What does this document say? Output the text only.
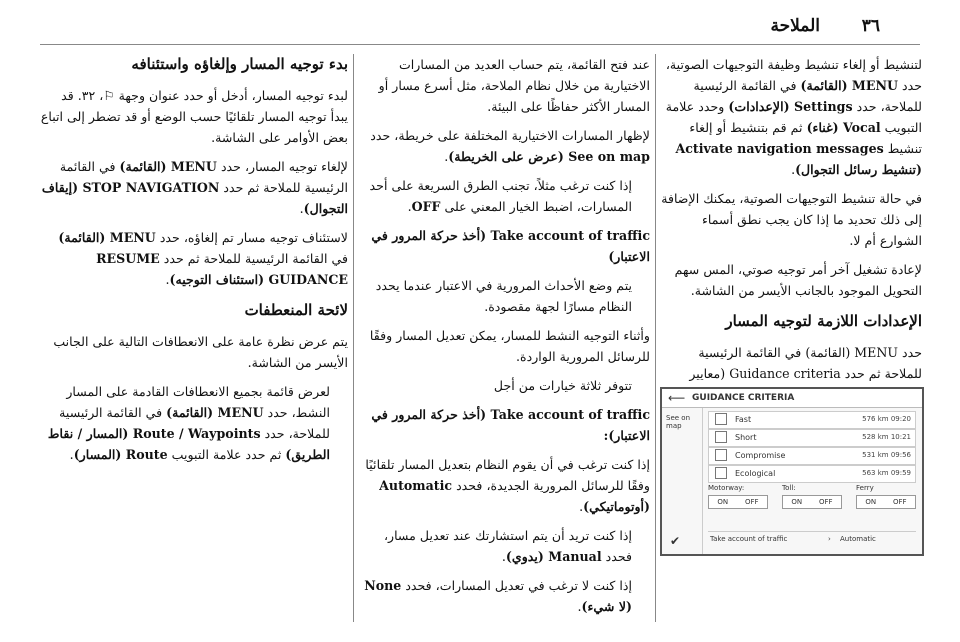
٣٦
الملاحة

لتنشيط أو إلغاء تنشيط وظيفة التوجيهات الصوتية، حدد MENU (القائمة) في القائمة الرئيسية للملاحة، حدد Settings (الإعدادات) وحدد علامة التبويب Vocal (غناء) ثم قم بتنشيط أو إلغاء تنشيط Activate navigation messages (تنشيط رسائل التجوال).

في حالة تنشيط التوجيهات الصوتية، يمكنك الإضافة إلى ذلك تحديد ما إذا كان يجب نطق أسماء الشوارع أم لا.

لإعادة تشغيل آخر أمر توجيه صوتي، المس سهم التحويل الموجود بالجانب الأيسر من الشاشة.

الإعدادات اللازمة لتوجيه المسار

حدد MENU (القائمة) في القائمة الرئيسية للملاحة ثم حدد Guidance criteria (معايير

⟵ GUIDANCE CRITERIA
See on map
Fast	576 km 09:20
Short	528 km 10:21
Compromise	531 km 09:56
Ecological	563 km 09:59
Motorway:
ON OFF
Toll:
ON OFF
Ferry
ON OFF
Take account of traffic	› Automatic
✔

عند فتح القائمة، يتم حساب العديد من المسارات الاختيارية من خلال نظام الملاحة، مثل أسرع مسار أو المسار الأكثر حفاظًا على البيئة.

لإظهار المسارات الاختيارية المختلفة على خريطة، حدد See on map (عرض على الخريطة).

إذا كنت ترغب مثلاً، تجنب الطرق السريعة على أحد المسارات، اضبط الخيار المعني على OFF.

Take account of traffic (أخذ حركة المرور في الاعتبار)

يتم وضع الأحداث المرورية في الاعتبار عندما يحدد النظام مسارًا لجهة مقصودة.

وأثناء التوجيه النشط للمسار، يمكن تعديل المسار وفقًا للرسائل المرورية الواردة.

تتوفر ثلاثة خيارات من أجل

Take account of traffic (أخذ حركة المرور في الاعتبار):

إذا كنت ترغب في أن يقوم النظام بتعديل المسار تلقائيًا وفقًا للرسائل المرورية الجديدة، فحدد Automatic (أوتوماتيكي).

إذا كنت تريد أن يتم استشارتك عند تعديل مسار، فحدد Manual (يدوي).

إذا كنت لا ترغب في تعديل المسارات، فحدد None (لا شيء).

بدء توجيه المسار وإلغاؤه واستئنافه

لبدء توجيه المسار، أدخل أو حدد عنوان وجهة ⚐، ٣٢. قد يبدأ توجيه المسار تلقائيًا حسب الوضع أو قد تضطر إلى اتباع بعض الأوامر على الشاشة.

لإلغاء توجيه المسار، حدد MENU (القائمة) في القائمة الرئيسية للملاحة ثم حدد STOP NAVIGATION (إيقاف التجوال).

لاستئناف توجيه مسار تم إلغاؤه، حدد MENU (القائمة) في القائمة الرئيسية للملاحة ثم حدد RESUME GUIDANCE (استئناف التوجيه).

لائحة المنعطفات

يتم عرض نظرة عامة على الانعطافات التالية على الجانب الأيسر من الشاشة.

لعرض قائمة بجميع الانعطافات القادمة على المسار النشط، حدد MENU (القائمة) في القائمة الرئيسية للملاحة، حدد Route / Waypoints (المسار / نقاط الطريق) ثم حدد علامة التبويب Route (المسار).
